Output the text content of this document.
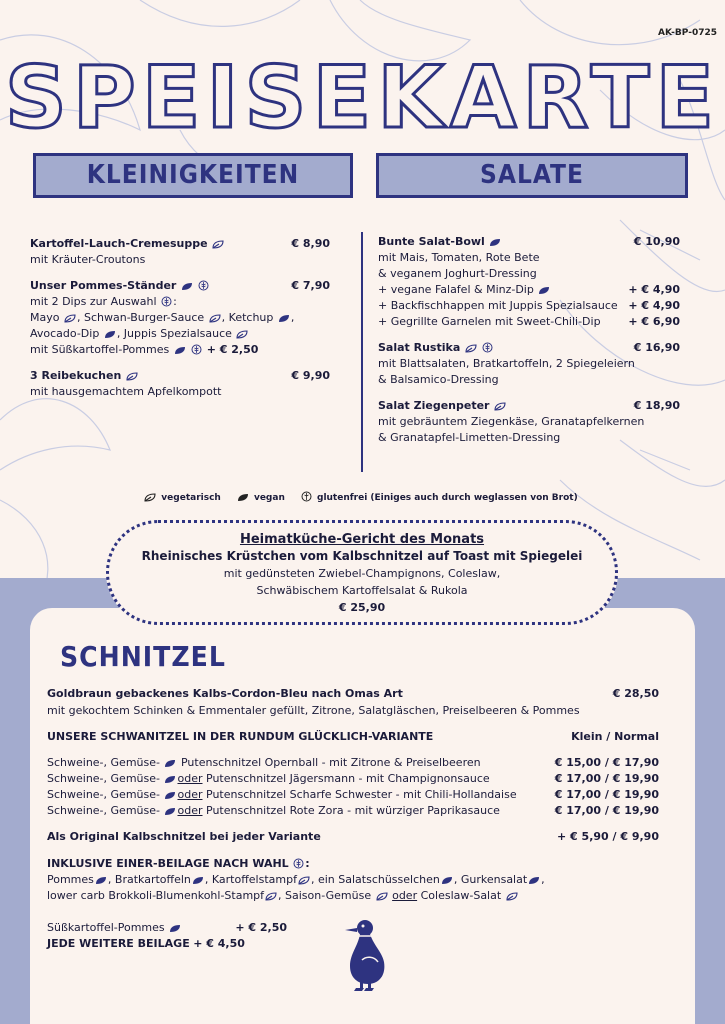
AK-BP-0725
SPEISEKARTE
KLEINIGKEITEN	SALATE
Kartoffel-Lauch-Cremesuppe	€ 8,90
mit Kräuter-Croutons
Unser Pommes-Ständer	€ 7,90
mit 2 Dips zur Auswahl :
Mayo , Schwan-Burger-Sauce , Ketchup ,
Avocado-Dip , Juppis Spezialsauce
mit Süßkartoffel-Pommes	+ € 2,50
3 Reibekuchen	€ 9,90
mit hausgemachtem Apfelkompott
Bunte Salat-Bowl	€ 10,90
mit Mais, Tomaten, Rote Bete
& veganem Joghurt-Dressing
+ vegane Falafel & Minz-Dip	+ € 4,90
+ Backfischhappen mit Juppis Spezialsauce + € 4,90
+ Gegrillte Garnelen mit Sweet-Chili-Dip	+ € 6,90
Salat Rustika	€ 16,90
mit Blattsalaten, Bratkartoffeln, 2 Spiegeleiern
& Balsamico-Dressing
Salat Ziegenpeter	€ 18,90
mit gebräuntem Ziegenkäse, Granatapfelkernen
& Granatapfel-Limetten-Dressing
vegetarisch	vegan	glutenfrei (Einiges auch durch weglassen von Brot)
Heimatküche-Gericht des Monats
Rheinisches Krüstchen vom Kalbschnitzel auf Toast mit Spiegelei
mit gedünsteten Zwiebel-Champignons, Coleslaw,
Schwäbischem Kartoffelsalat & Rukola
€ 25,90
SCHNITZEL
Goldbraun gebackenes Kalbs-Cordon-Bleu nach Omas Art	€ 28,50
mit gekochtem Schinken & Emmentaler gefüllt, Zitrone, Salatgläschen, Preiselbeeren & Pommes
UNSERE SCHWANITZEL IN DER RUNDUM GLÜCKLICH-VARIANTE	Klein / Normal
Schweine-, Gemüse- Putenschnitzel Opernball - mit Zitrone & Preiselbeeren	€ 15,00 / € 17,90
Schweine-, Gemüse- oder Putenschnitzel Jägersmann - mit Champignonsauce	€ 17,00 / € 19,90
Schweine-, Gemüse- oder Putenschnitzel Scharfe Schwester - mit Chili-Hollandaise	€ 17,00 / € 19,90
Schweine-, Gemüse- oder Putenschnitzel Rote Zora - mit würziger Paprikasauce	€ 17,00 / € 19,90
Als Original Kalbschnitzel bei jeder Variante	+ € 5,90 / € 9,90
INKLUSIVE EINER-BEILAGE NACH WAHL :
Pommes , Bratkartoffeln , Kartoffelstampf , ein Salatschüsselchen , Gurkensalat ,
lower carb Brokkoli-Blumenkohl-Stampf , Saison-Gemüse oder Coleslaw-Salat
Süßkartoffel-Pommes	+ € 2,50
JEDE WEITERE BEILAGE + € 4,50
